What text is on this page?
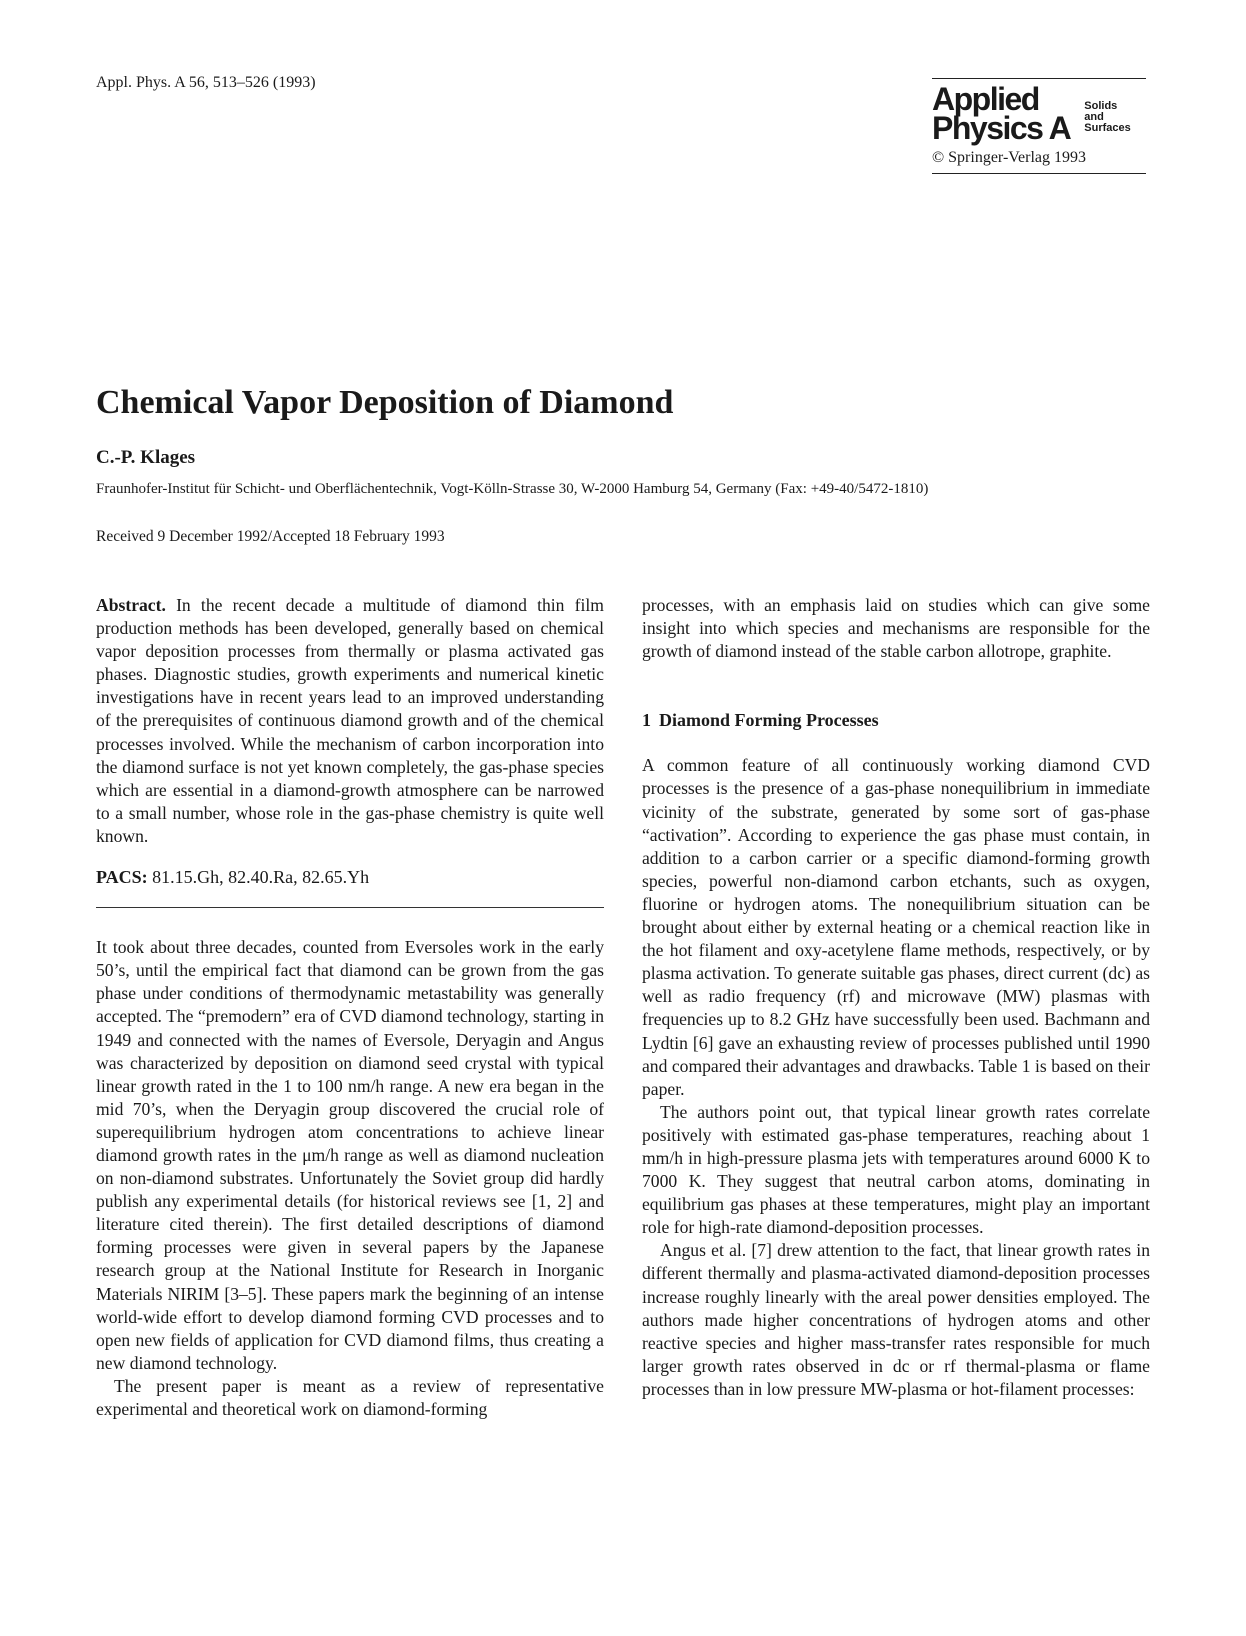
Appl. Phys. A 56, 513–526 (1993)	Applied
Physics A
Solids
and
Surfaces
© Springer-Verlag 1993
Chemical Vapor Deposition of Diamond
C.-P. Klages
Fraunhofer-Institut für Schicht- und Oberflächentechnik, Vogt-Kölln-Strasse 30, W-2000 Hamburg 54, Germany (Fax: +49-40/5472-1810)
Received 9 December 1992/Accepted 18 February 1993

Abstract. In the recent decade a multitude of diamond thin film production methods has been developed, generally based on chemical vapor deposition processes from thermally or plasma activated gas phases. Diagnostic studies, growth experiments and numerical kinetic investigations have in recent years lead to an improved understanding of the prerequisites of continuous diamond growth and of the chemical processes involved. While the mechanism of carbon incorporation into the diamond surface is not yet known completely, the gas-phase species which are essential in a diamond-growth atmosphere can be narrowed to a small number, whose role in the gas-phase chemistry is quite well known.

PACS: 81.15.Gh, 82.40.Ra, 82.65.Yh

It took about three decades, counted from Eversoles work in the early 50’s, until the empirical fact that diamond can be grown from the gas phase under conditions of thermodynamic metastability was generally accepted. The “premodern” era of CVD diamond technology, starting in 1949 and connected with the names of Eversole, Deryagin and Angus was characterized by deposition on diamond seed crystal with typical linear growth rated in the 1 to 100 nm/h range. A new era began in the mid 70’s, when the Deryagin group discovered the crucial role of superequilibrium hydrogen atom concentrations to achieve linear diamond growth rates in the μm/h range as well as diamond nucleation on non-diamond substrates. Unfortunately the Soviet group did hardly publish any experimental details (for historical reviews see [1, 2] and literature cited therein). The first detailed descriptions of diamond forming processes were given in several papers by the Japanese research group at the National Institute for Research in Inorganic Materials NIRIM [3–5]. These papers mark the beginning of an intense world-wide effort to develop diamond forming CVD processes and to open new fields of application for CVD diamond films, thus creating a new diamond technology.

The present paper is meant as a review of representative experimental and theoretical work on diamond-forming

processes, with an emphasis laid on studies which can give some insight into which species and mechanisms are responsible for the growth of diamond instead of the stable carbon allotrope, graphite.

1 Diamond Forming Processes

A common feature of all continuously working diamond CVD processes is the presence of a gas-phase nonequilibrium in immediate vicinity of the substrate, generated by some sort of gas-phase “activation”. According to experience the gas phase must contain, in addition to a carbon carrier or a specific diamond-forming growth species, powerful non-diamond carbon etchants, such as oxygen, fluorine or hydrogen atoms. The nonequilibrium situation can be brought about either by external heating or a chemical reaction like in the hot filament and oxy-acetylene flame methods, respectively, or by plasma activation. To generate suitable gas phases, direct current (dc) as well as radio frequency (rf) and microwave (MW) plasmas with frequencies up to 8.2 GHz have successfully been used. Bachmann and Lydtin [6] gave an exhausting review of processes published until 1990 and compared their advantages and drawbacks. Table 1 is based on their paper.

The authors point out, that typical linear growth rates correlate positively with estimated gas-phase temperatures, reaching about 1 mm/h in high-pressure plasma jets with temperatures around 6000 K to 7000 K. They suggest that neutral carbon atoms, dominating in equilibrium gas phases at these temperatures, might play an important role for high-rate diamond-deposition processes.

Angus et al. [7] drew attention to the fact, that linear growth rates in different thermally and plasma-activated diamond-deposition processes increase roughly linearly with the areal power densities employed. The authors made higher concentrations of hydrogen atoms and other reactive species and higher mass-transfer rates responsible for much larger growth rates observed in dc or rf thermal-plasma or flame processes than in low pressure MW-plasma or hot-filament processes:
